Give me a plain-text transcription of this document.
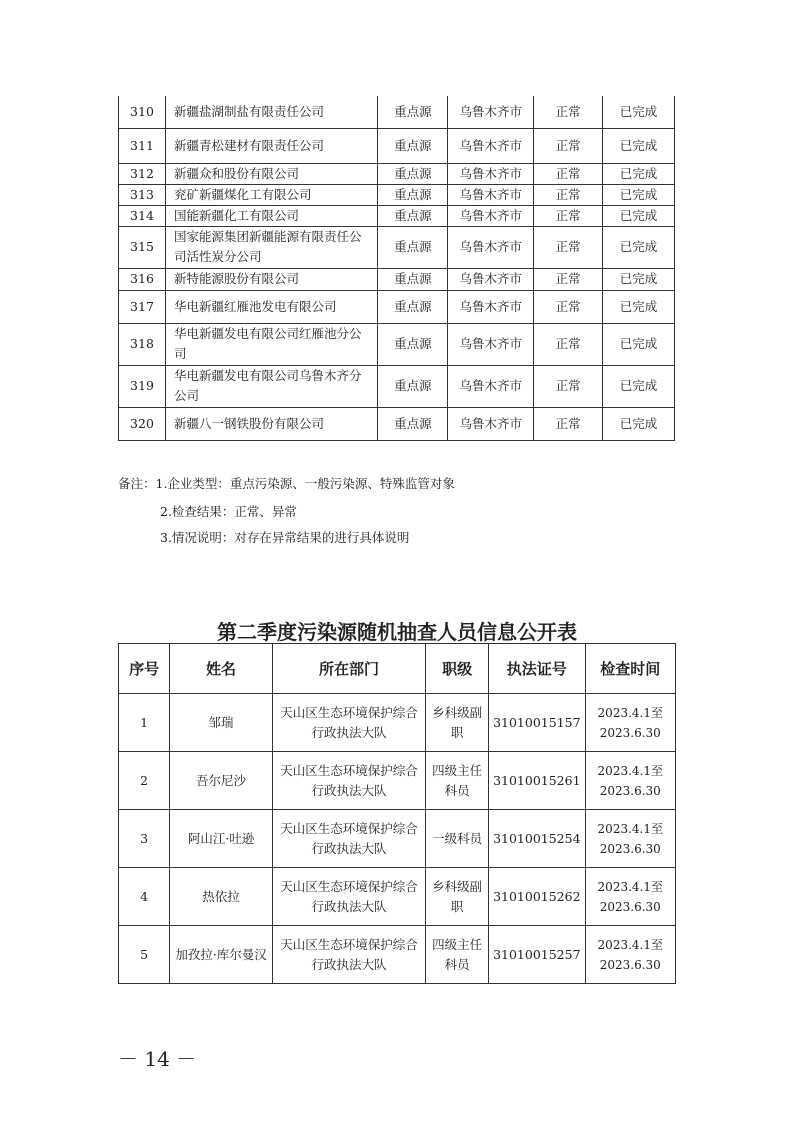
310	新疆盐湖制盐有限责任公司	重点源	乌鲁木齐市	正常	已完成
311	新疆青松建材有限责任公司	重点源	乌鲁木齐市	正常	已完成
312	新疆众和股份有限公司	重点源	乌鲁木齐市	正常	已完成
313	兖矿新疆煤化工有限公司	重点源	乌鲁木齐市	正常	已完成
314	国能新疆化工有限公司	重点源	乌鲁木齐市	正常	已完成
315	国家能源集团新疆能源有限责任公司活性炭分公司	重点源	乌鲁木齐市	正常	已完成
316	新特能源股份有限公司	重点源	乌鲁木齐市	正常	已完成
317	华电新疆红雁池发电有限公司	重点源	乌鲁木齐市	正常	已完成
318	华电新疆发电有限公司红雁池分公司	重点源	乌鲁木齐市	正常	已完成
319	华电新疆发电有限公司乌鲁木齐分公司	重点源	乌鲁木齐市	正常	已完成
320	新疆八一钢铁股份有限公司	重点源	乌鲁木齐市	正常	已完成
备注：1.企业类型：重点污染源、一般污染源、特殊监管对象
2.检查结果：正常、异常
3.情况说明：对存在异常结果的进行具体说明
第二季度污染源随机抽查人员信息公开表
序号	姓名	所在部门	职级	执法证号	检查时间
1	邹瑞	天山区生态环境保护综合行政执法大队	乡科级副职	31010015157	2023.4.1至2023.6.30
2	吾尔尼沙	天山区生态环境保护综合行政执法大队	四级主任科员	31010015261	2023.4.1至2023.6.30
3	阿山江·吐逊	天山区生态环境保护综合行政执法大队	一级科员	31010015254	2023.4.1至2023.6.30
4	热依拉	天山区生态环境保护综合行政执法大队	乡科级副职	31010015262	2023.4.1至2023.6.30
5	加孜拉·库尔曼汉	天山区生态环境保护综合行政执法大队	四级主任科员	31010015257	2023.4.1至2023.6.30
－ 14 －
